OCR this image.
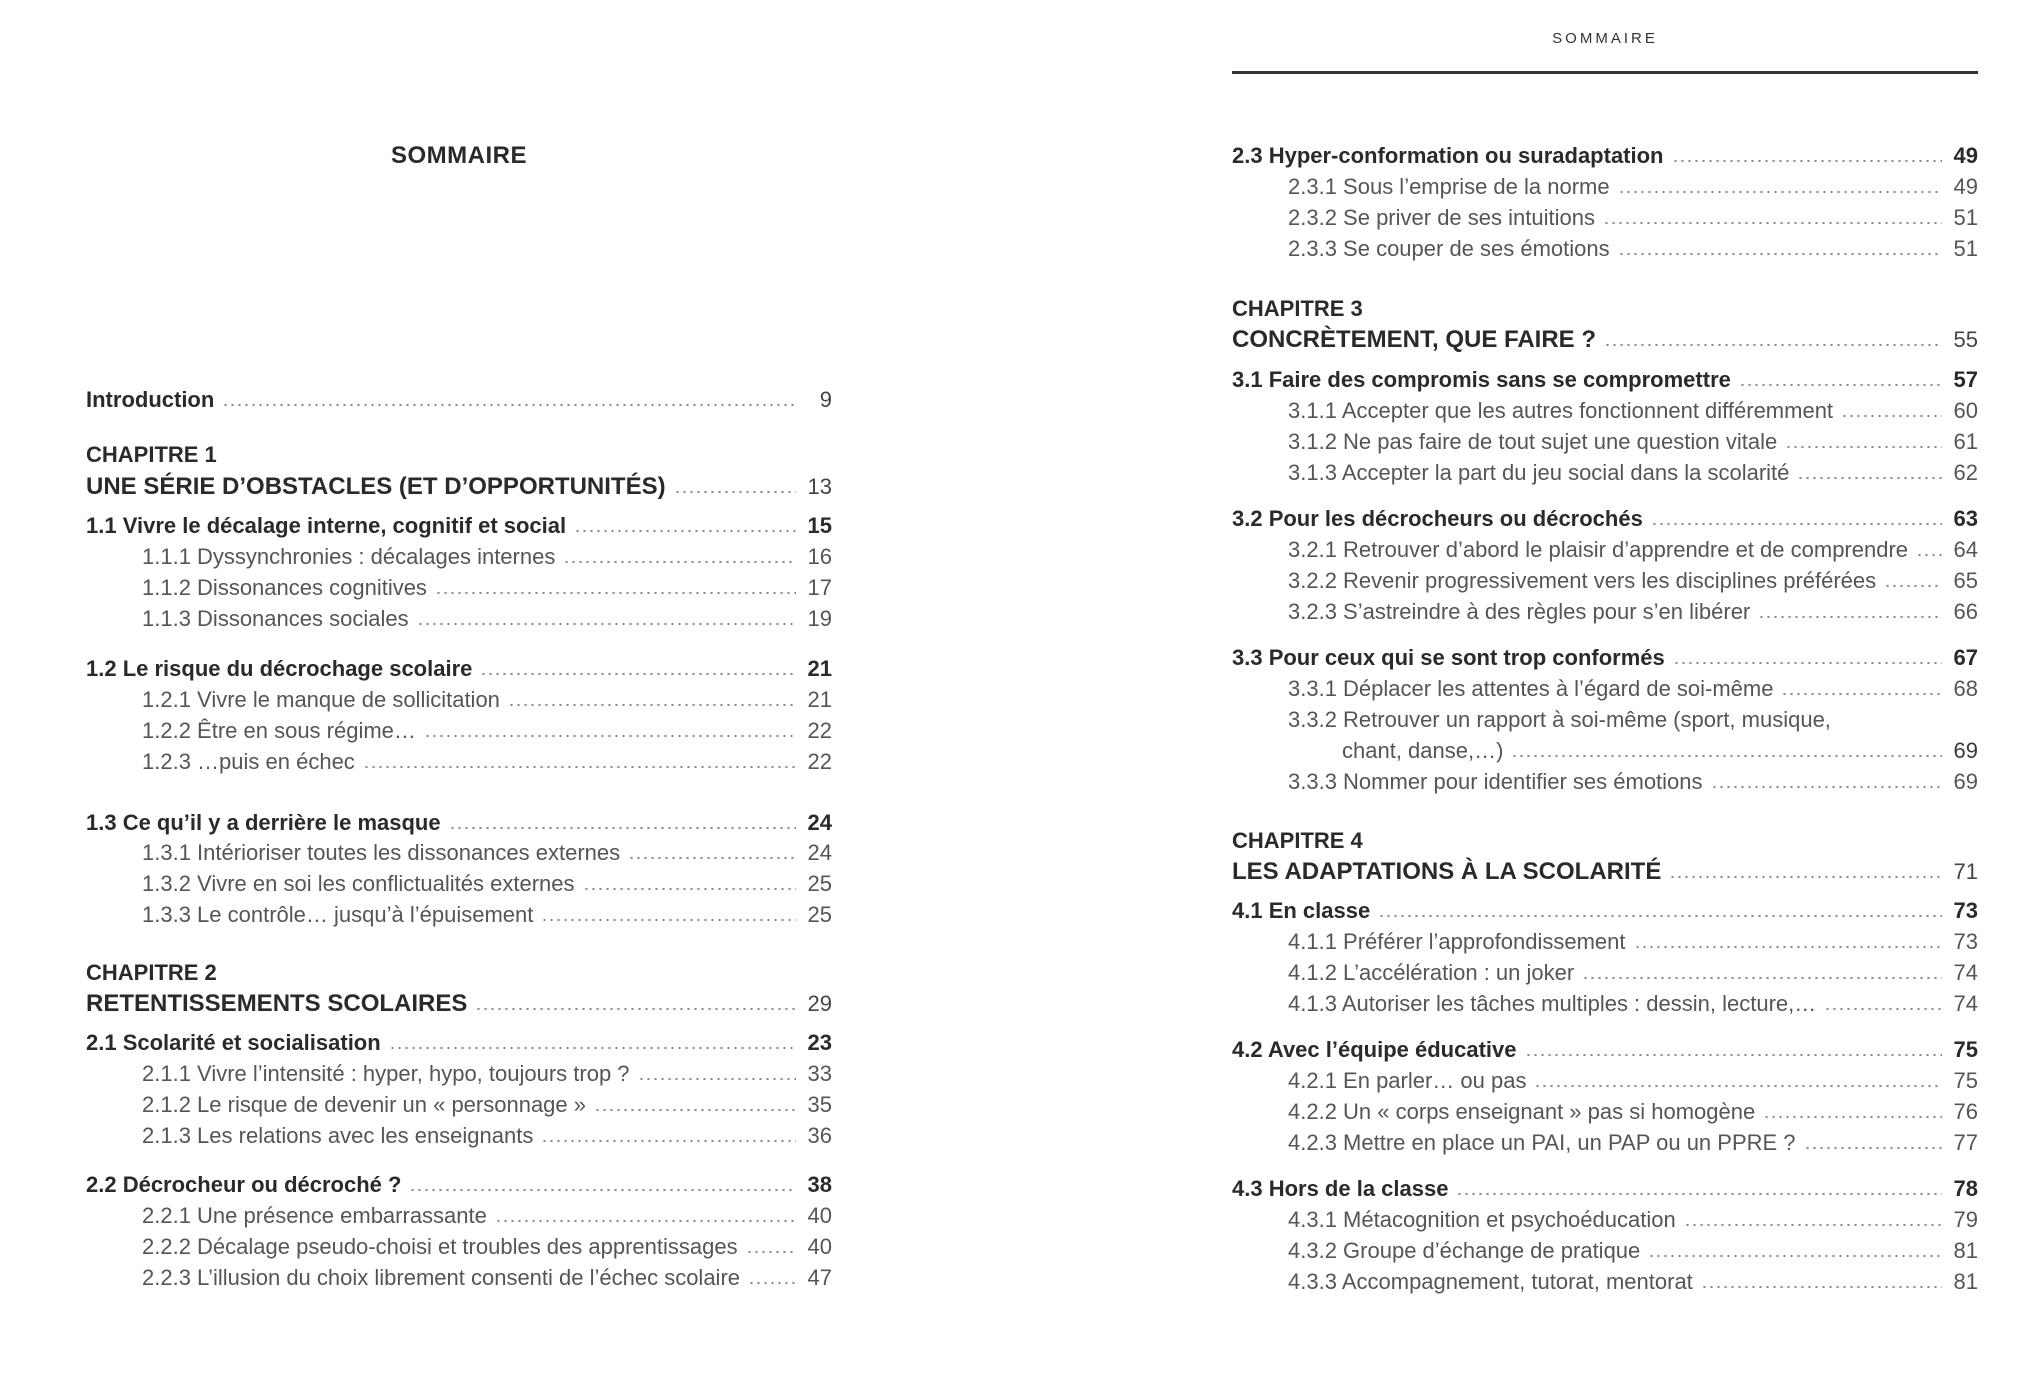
SOMMAIRE
Introduction	9
CHAPITRE 1
UNE SÉRIE D’OBSTACLES (ET D’OPPORTUNITÉS)	13
1.1 Vivre le décalage interne, cognitif et social	15
1.1.1 Dyssynchronies : décalages internes	16
1.1.2 Dissonances cognitives	17
1.1.3 Dissonances sociales	19
1.2 Le risque du décrochage scolaire	21
1.2.1 Vivre le manque de sollicitation	21
1.2.2 Être en sous régime…	22
1.2.3 …puis en échec	22
1.3 Ce qu’il y a derrière le masque	24
1.3.1 Intérioriser toutes les dissonances externes	24
1.3.2 Vivre en soi les conflictualités externes	25
1.3.3 Le contrôle… jusqu’à l’épuisement	25
CHAPITRE 2
RETENTISSEMENTS SCOLAIRES	29
2.1 Scolarité et socialisation	23
2.1.1 Vivre l’intensité : hyper, hypo, toujours trop ?	33
2.1.2 Le risque de devenir un « personnage »	35
2.1.3 Les relations avec les enseignants	36
2.2 Décrocheur ou décroché ?	38
2.2.1 Une présence embarrassante	40
2.2.2 Décalage pseudo-choisi et troubles des apprentissages	40
2.2.3 L’illusion du choix librement consenti de l’échec scolaire	47
SOMMAIRE
2.3 Hyper-conformation ou suradaptation	49
2.3.1 Sous l’emprise de la norme	49
2.3.2 Se priver de ses intuitions	51
2.3.3 Se couper de ses émotions	51
CHAPITRE 3
CONCRÈTEMENT, QUE FAIRE ?	55
3.1 Faire des compromis sans se compromettre	57
3.1.1 Accepter que les autres fonctionnent différemment	60
3.1.2 Ne pas faire de tout sujet une question vitale	61
3.1.3 Accepter la part du jeu social dans la scolarité	62
3.2 Pour les décrocheurs ou décrochés	63
3.2.1 Retrouver d’abord le plaisir d’apprendre et de comprendre 64
3.2.2 Revenir progressivement vers les disciplines préférées	65
3.2.3 S’astreindre à des règles pour s’en libérer	66
3.3 Pour ceux qui se sont trop conformés	67
3.3.1 Déplacer les attentes à l’égard de soi-même	68
3.3.2 Retrouver un rapport à soi-même (sport, musique,
chant, danse,…)	69
3.3.3 Nommer pour identifier ses émotions	69
CHAPITRE 4
LES ADAPTATIONS À LA SCOLARITÉ	71
4.1 En classe	73
4.1.1 Préférer l’approfondissement	73
4.1.2 L’accélération : un joker	74
4.1.3 Autoriser les tâches multiples : dessin, lecture,…	74
4.2 Avec l’équipe éducative	75
4.2.1 En parler… ou pas	75
4.2.2 Un « corps enseignant » pas si homogène	76
4.2.3 Mettre en place un PAI, un PAP ou un PPRE ?	77
4.3 Hors de la classe	78
4.3.1 Métacognition et psychoéducation	79
4.3.2 Groupe d’échange de pratique	81
4.3.3 Accompagnement, tutorat, mentorat	81
